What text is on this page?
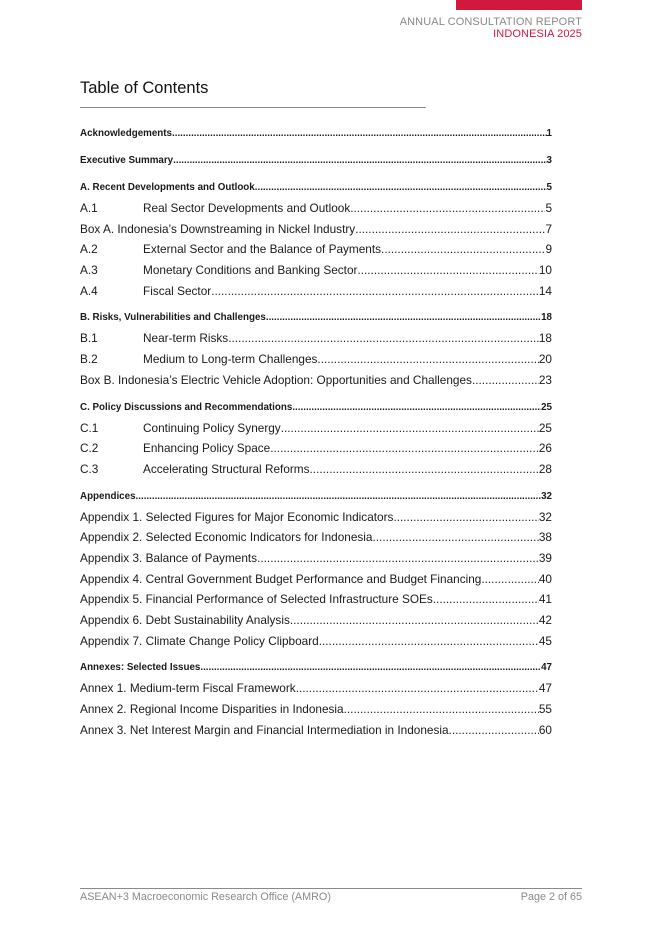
ANNUAL CONSULTATION REPORT
INDONESIA 2025
Table of Contents
Acknowledgements .....	1
Executive Summary .....	3
A. Recent Developments and Outlook .....	5
A.1	Real Sector Developments and Outlook .....	5
Box A. Indonesia’s Downstreaming in Nickel Industry .....	7
A.2	External Sector and the Balance of Payments .....	9
A.3	Monetary Conditions and Banking Sector .....	10
A.4	Fiscal Sector .....	14
B. Risks, Vulnerabilities and Challenges .....	18
B.1	Near-term Risks .....	18
B.2	Medium to Long-term Challenges .....	20
Box B. Indonesia’s Electric Vehicle Adoption: Opportunities and Challenges .....	23
C. Policy Discussions and Recommendations .....	25
C.1	Continuing Policy Synergy .....	25
C.2	Enhancing Policy Space .....	26
C.3	Accelerating Structural Reforms .....	28
Appendices .....	32
Appendix 1. Selected Figures for Major Economic Indicators .....	32
Appendix 2. Selected Economic Indicators for Indonesia .....	38
Appendix 3. Balance of Payments .....	39
Appendix 4. Central Government Budget Performance and Budget Financing .....	40
Appendix 5. Financial Performance of Selected Infrastructure SOEs .....	41
Appendix 6. Debt Sustainability Analysis .....	42
Appendix 7. Climate Change Policy Clipboard .....	45
Annexes: Selected Issues .....	47
Annex 1. Medium-term Fiscal Framework .....	47
Annex 2. Regional Income Disparities in Indonesia .....	55
Annex 3. Net Interest Margin and Financial Intermediation in Indonesia. .....	60
ASEAN+3 Macroeconomic Research Office (AMRO)	Page 2 of 65
